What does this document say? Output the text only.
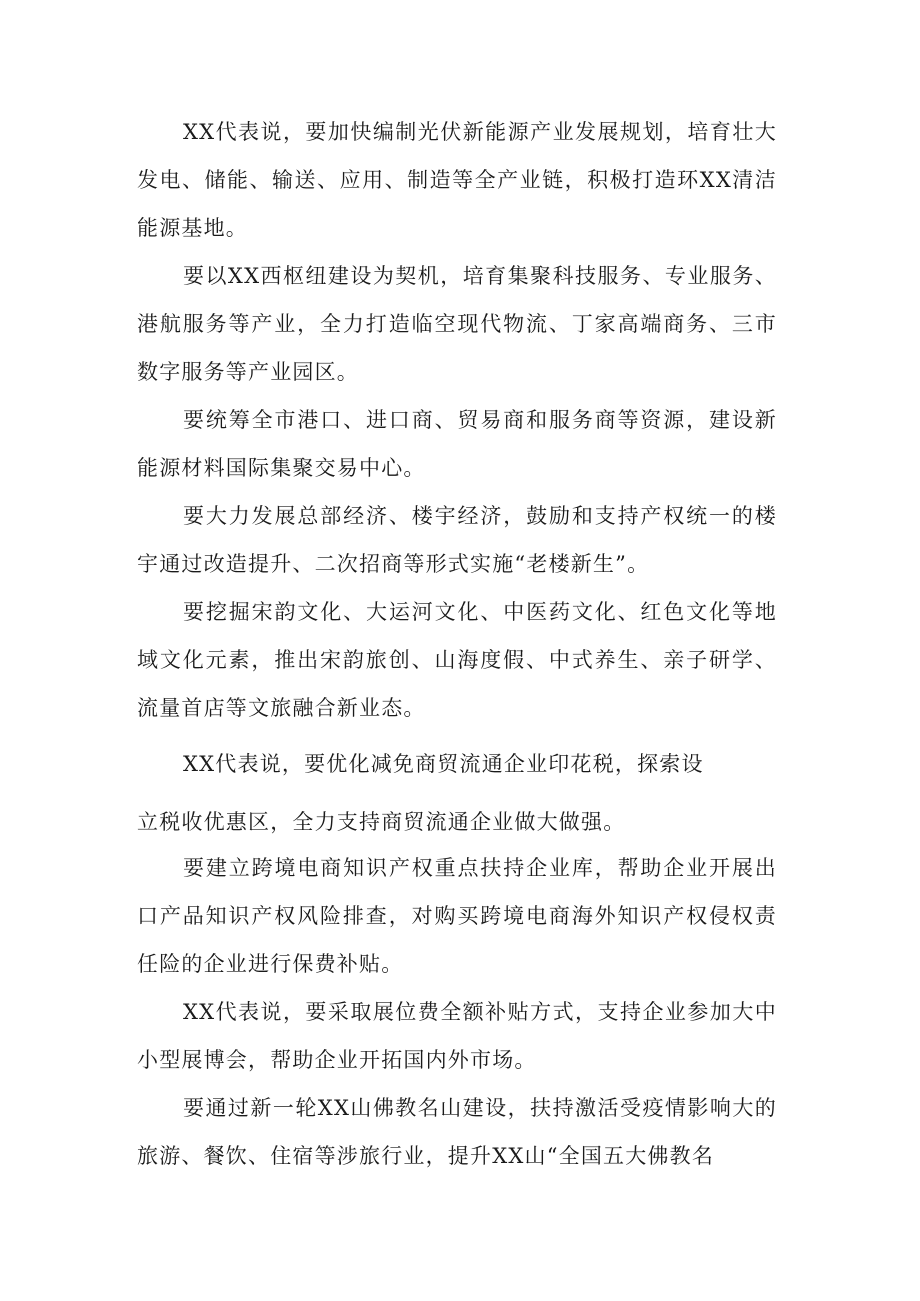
XX代表说，要加快编制光伏新能源产业发展规划，培育壮大发电、储能、输送、应用、制造等全产业链，积极打造环XX清洁能源基地。

要以XX西枢纽建设为契机，培育集聚科技服务、专业服务、港航服务等产业，全力打造临空现代物流、丁家高端商务、三市数字服务等产业园区。

要统筹全市港口、进口商、贸易商和服务商等资源，建设新能源材料国际集聚交易中心。

要大力发展总部经济、楼宇经济，鼓励和支持产权统一的楼宇通过改造提升、二次招商等形式实施“老楼新生”。

要挖掘宋韵文化、大运河文化、中医药文化、红色文化等地域文化元素，推出宋韵旅创、山海度假、中式养生、亲子研学、流量首店等文旅融合新业态。

XX代表说，要优化减免商贸流通企业印花税，探索设

立税收优惠区，全力支持商贸流通企业做大做强。

要建立跨境电商知识产权重点扶持企业库，帮助企业开展出口产品知识产权风险排查，对购买跨境电商海外知识产权侵权责任险的企业进行保费补贴。

XX代表说，要采取展位费全额补贴方式，支持企业参加大中小型展博会，帮助企业开拓国内外市场。

要通过新一轮XX山佛教名山建设，扶持激活受疫情影响大的旅游、餐饮、住宿等涉旅行业，提升XX山“全国五大佛教名
